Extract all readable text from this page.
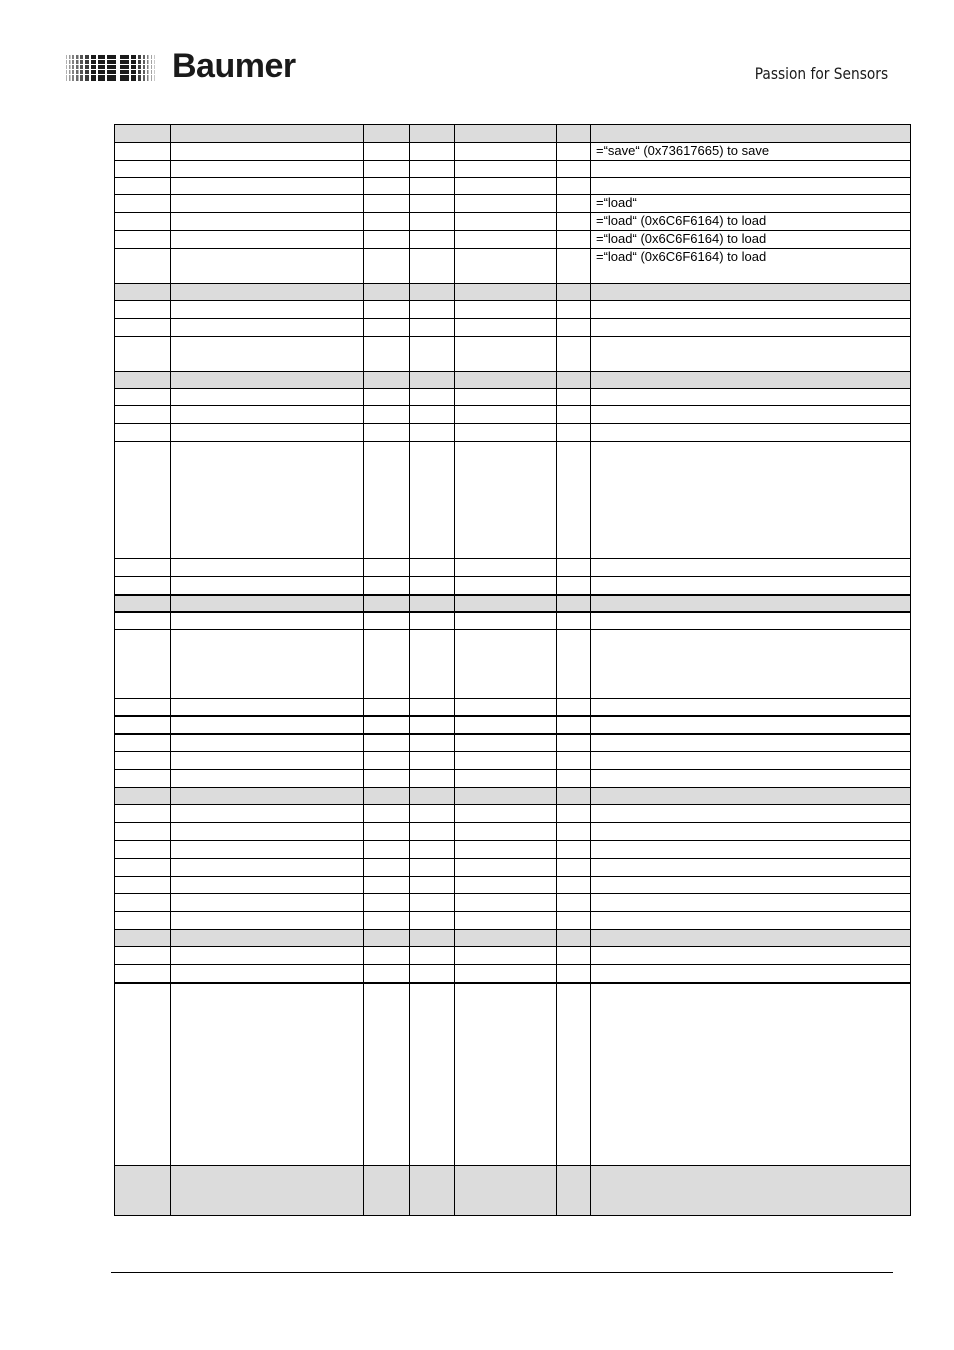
Baumer	Passion for Sensors

						=“save“ (0x73617665) to save

						=“load“
						=“load“ (0x6C6F6164) to load
						=“load“ (0x6C6F6164) to load
						=“load“ (0x6C6F6164) to load
